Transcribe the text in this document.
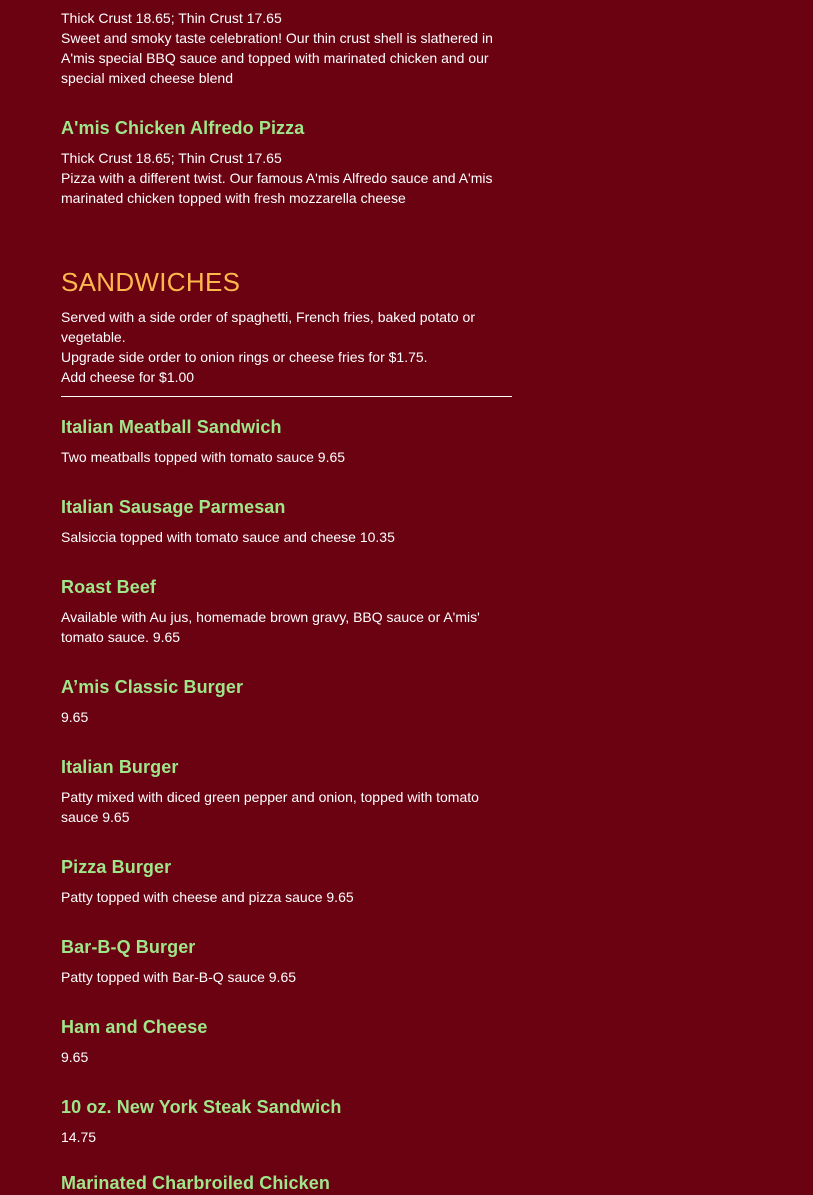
Thick Crust 18.65; Thin Crust 17.65

Sweet and smoky taste celebration! Our thin crust shell is slathered in A'mis special BBQ sauce and topped with marinated chicken and our special mixed cheese blend

A'mis Chicken Alfredo Pizza

Thick Crust 18.65; Thin Crust 17.65

Pizza with a different twist. Our famous A'mis Alfredo sauce and A'mis marinated chicken topped with fresh mozzarella cheese

SANDWICHES

Served with a side order of spaghetti, French fries, baked potato or vegetable.

Upgrade side order to onion rings or cheese fries for $1.75.

Add cheese for $1.00

Italian Meatball Sandwich

Two meatballs topped with tomato sauce 9.65

Italian Sausage Parmesan

Salsiccia topped with tomato sauce and cheese 10.35

Roast Beef

Available with Au jus, homemade brown gravy, BBQ sauce or A'mis' tomato sauce. 9.65

A’mis Classic Burger

9.65

Italian Burger

Patty mixed with diced green pepper and onion, topped with tomato sauce 9.65

Pizza Burger

Patty topped with cheese and pizza sauce 9.65

Bar-B-Q Burger

Patty topped with Bar-B-Q sauce 9.65

Ham and Cheese

9.65

10 oz. New York Steak Sandwich

14.75

Marinated Charbroiled Chicken
